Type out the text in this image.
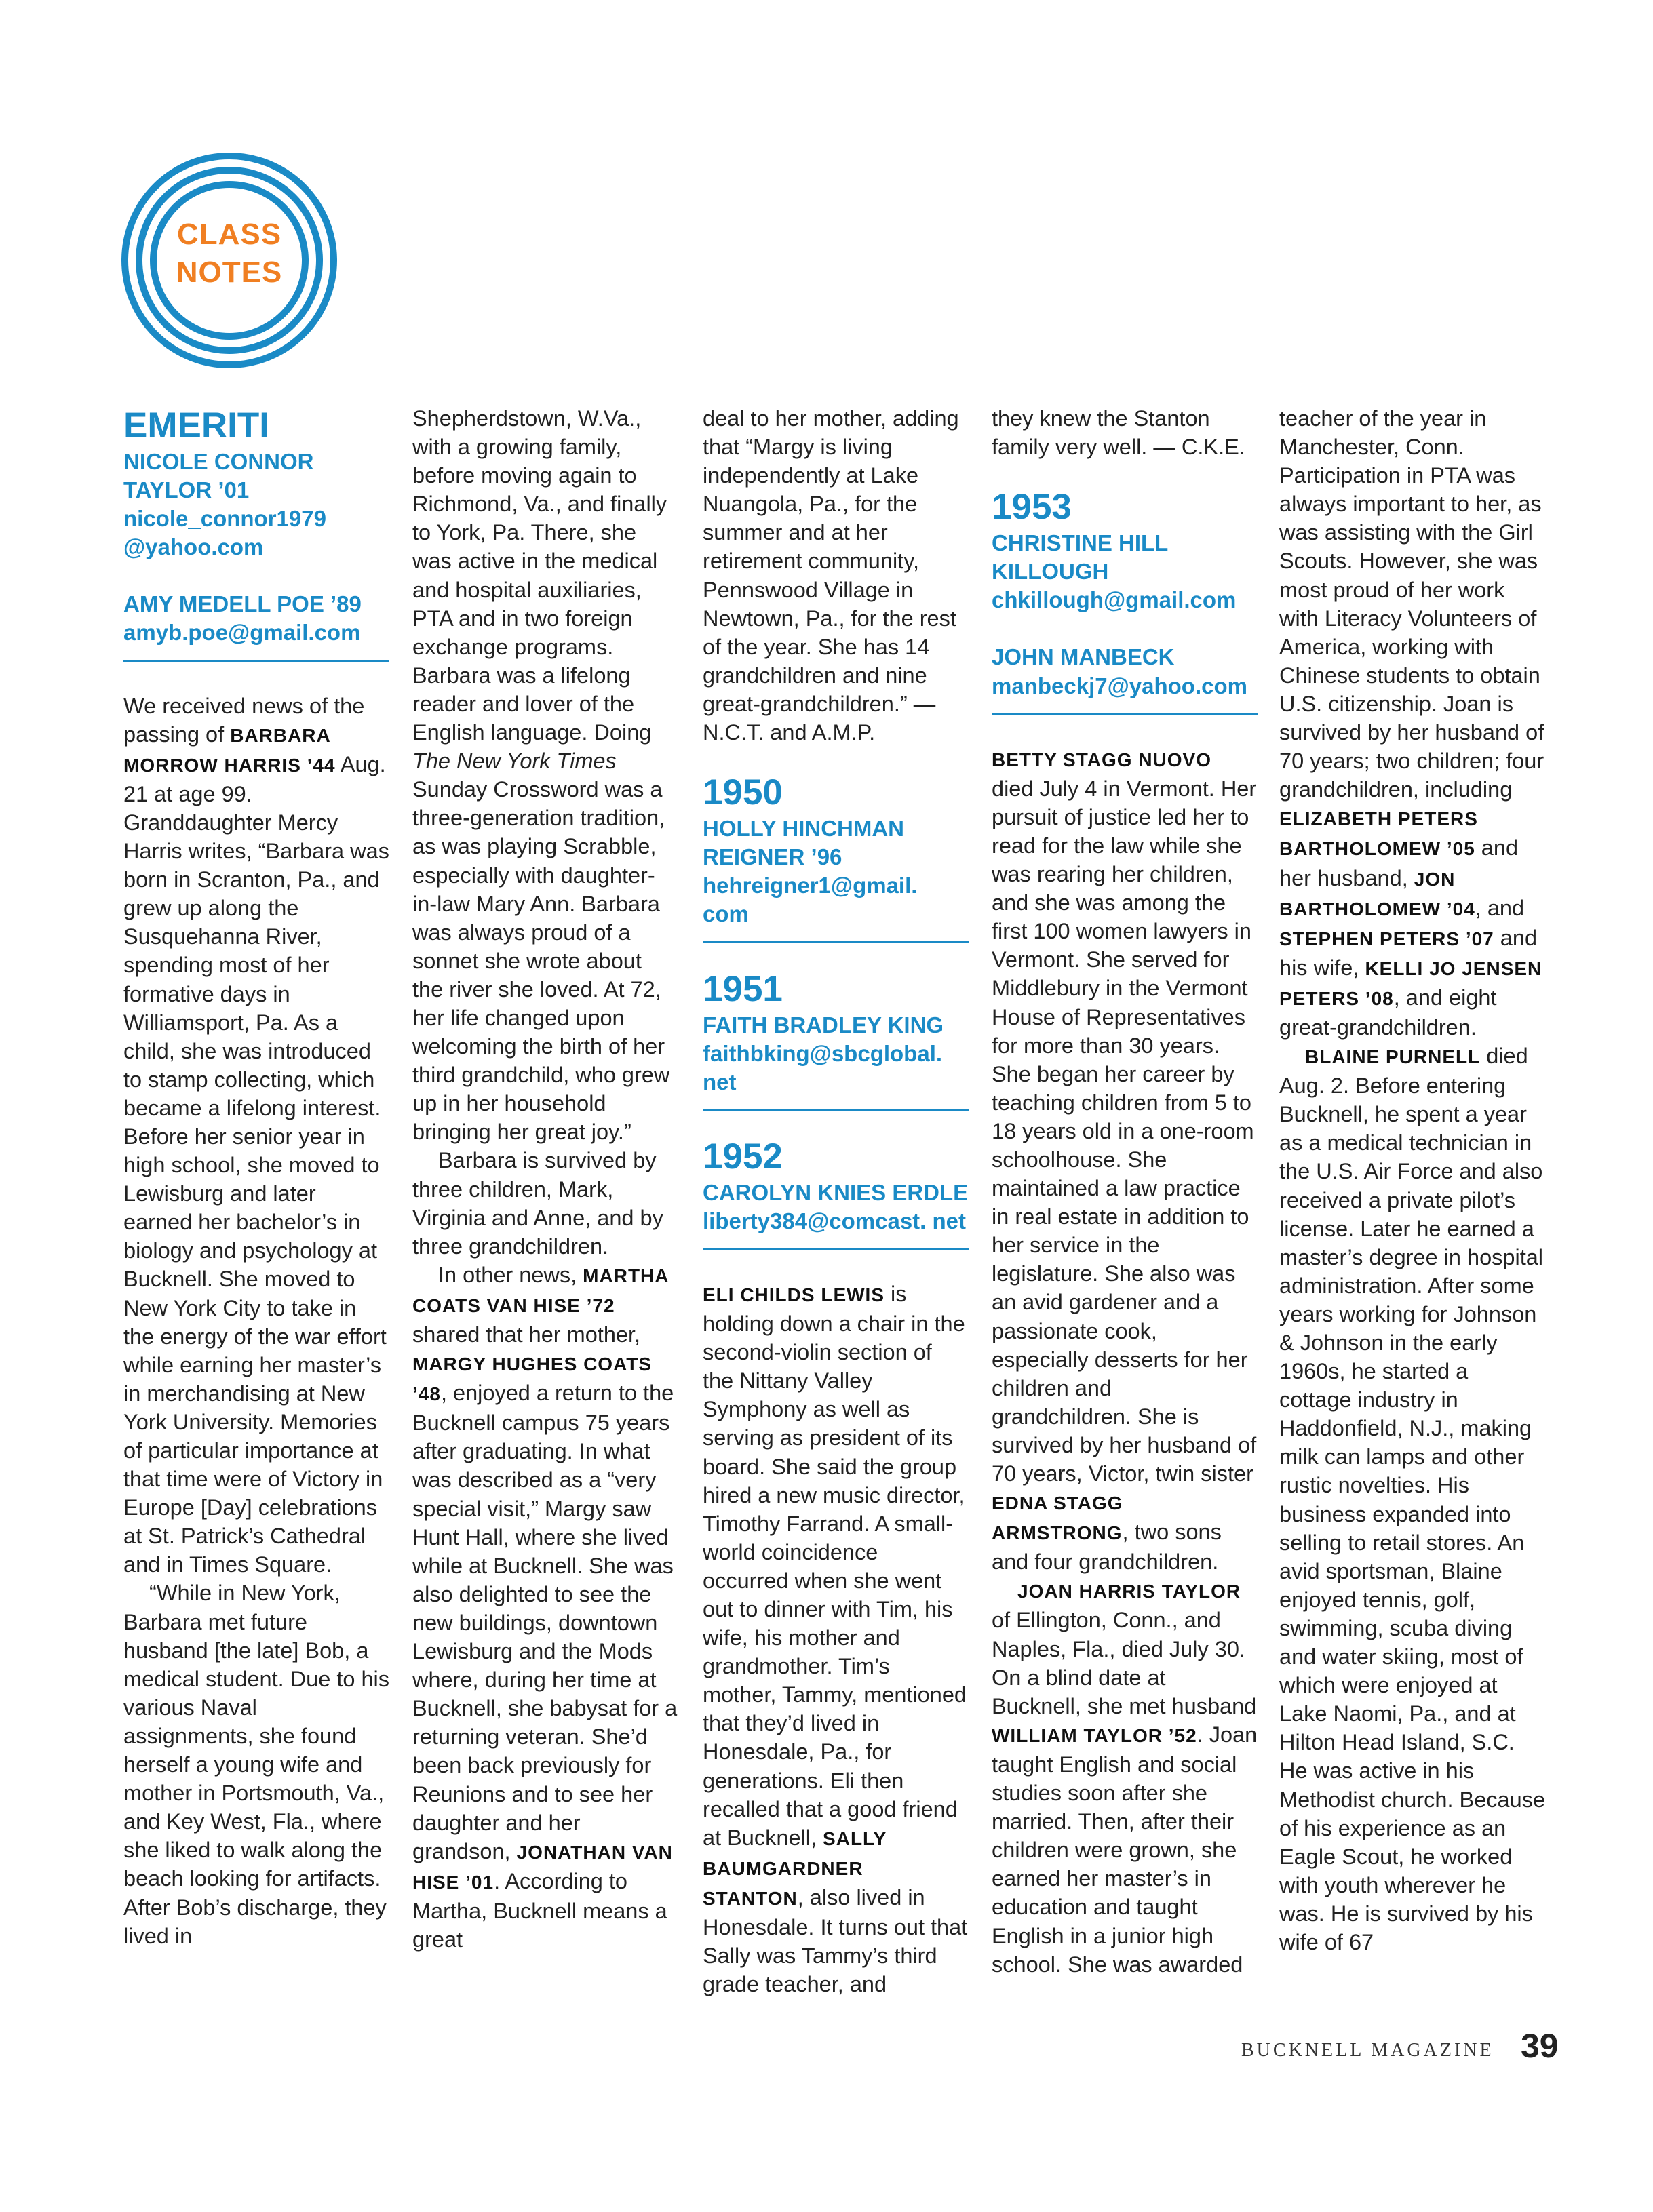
CLASS
NOTES
EMERITI
NICOLE CONNOR TAYLOR ’01
nicole_connor1979 @yahoo.com
AMY MEDELL POE ’89
amyb.poe@gmail.com

We received news of the passing of BARBARA MORROW HARRIS ’44 Aug. 21 at age 99. Granddaughter Mercy Harris writes, “Barbara was born in Scranton, Pa., and grew up along the Susquehanna River, spending most of her formative days in Williamsport, Pa. As a child, she was introduced to stamp collecting, which became a lifelong interest. Before her senior year in high school, she moved to Lewisburg and later earned her bachelor’s in biology and psychology at Bucknell. She moved to New York City to take in the energy of the war effort while earning her master’s in merchandising at New York University. Memories of particular importance at that time were of Victory in Europe [Day] celebrations at St. Patrick’s Cathedral and in Times Square.

“While in New York, Barbara met future husband [the late] Bob, a medical student. Due to his various Naval assignments, she found herself a young wife and mother in Portsmouth, Va., and Key West, Fla., where she liked to walk along the beach looking for artifacts. After Bob’s discharge, they lived in

Shepherdstown, W.Va., with a growing family, before moving again to Richmond, Va., and finally to York, Pa. There, she was active in the medical and hospital auxiliaries, PTA and in two foreign exchange programs. Barbara was a lifelong reader and lover of the English language. Doing The New York Times Sunday Crossword was a three-generation tradition, as was playing Scrabble, especially with daughter-in-law Mary Ann. Barbara was always proud of a sonnet she wrote about the river she loved. At 72, her life changed upon welcoming the birth of her third grandchild, who grew up in her household bringing her great joy.”

Barbara is survived by three children, Mark, Virginia and Anne, and by three grandchildren.

In other news, MARTHA COATS VAN HISE ’72 shared that her mother, MARGY HUGHES COATS ’48, enjoyed a return to the Bucknell campus 75 years after graduating. In what was described as a “very special visit,” Margy saw Hunt Hall, where she lived while at Bucknell. She was also delighted to see the new buildings, downtown Lewisburg and the Mods where, during her time at Bucknell, she babysat for a returning veteran. She’d been back previously for Reunions and to see her daughter and her grandson, JONATHAN VAN HISE ’01. According to Martha, Bucknell means a great

deal to her mother, adding that “Margy is living independently at Lake Nuangola, Pa., for the summer and at her retirement community, Pennswood Village in Newtown, Pa., for the rest of the year. She has 14 grandchildren and nine great-grandchildren.” — N.C.T. and A.M.P.

1950
HOLLY HINCHMAN REIGNER ’96
hehreigner1@gmail. com
1951
FAITH BRADLEY KING
faithbking@sbcglobal. net
1952
CAROLYN KNIES ERDLE
liberty384@comcast. net

ELI CHILDS LEWIS is holding down a chair in the second-violin section of the Nittany Valley Symphony as well as serving as president of its board. She said the group hired a new music director, Timothy Farrand. A small-world coincidence occurred when she went out to dinner with Tim, his wife, his mother and grandmother. Tim’s mother, Tammy, mentioned that they’d lived in Honesdale, Pa., for generations. Eli then recalled that a good friend at Bucknell, SALLY BAUMGARDNER STANTON, also lived in Honesdale. It turns out that Sally was Tammy’s third grade teacher, and

they knew the Stanton family very well. — C.K.E.

1953
CHRISTINE HILL KILLOUGH
chkillough@gmail.com
JOHN MANBECK
manbeckj7@yahoo.com

BETTY STAGG NUOVO died July 4 in Vermont. Her pursuit of justice led her to read for the law while she was rearing her children, and she was among the first 100 women lawyers in Vermont. She served for Middlebury in the Vermont House of Representatives for more than 30 years. She began her career by teaching children from 5 to 18 years old in a one-room schoolhouse. She maintained a law practice in real estate in addition to her service in the legislature. She also was an avid gardener and a passionate cook, especially desserts for her children and grandchildren. She is survived by her husband of 70 years, Victor, twin sister EDNA STAGG ARMSTRONG, two sons and four grandchildren.

JOAN HARRIS TAYLOR of Ellington, Conn., and Naples, Fla., died July 30. On a blind date at Bucknell, she met husband WILLIAM TAYLOR ’52. Joan taught English and social studies soon after she married. Then, after their children were grown, she earned her master’s in education and taught English in a junior high school. She was awarded

teacher of the year in Manchester, Conn. Participation in PTA was always important to her, as was assisting with the Girl Scouts. However, she was most proud of her work with Literacy Volunteers of America, working with Chinese students to obtain U.S. citizenship. Joan is survived by her husband of 70 years; two children; four grandchildren, including ELIZABETH PETERS BARTHOLOMEW ’05 and her husband, JON BARTHOLOMEW ’04, and STEPHEN PETERS ’07 and his wife, KELLI JO JENSEN PETERS ’08, and eight great-grandchildren.

BLAINE PURNELL died Aug. 2. Before entering Bucknell, he spent a year as a medical technician in the U.S. Air Force and also received a private pilot’s license. Later he earned a master’s degree in hospital administration. After some years working for Johnson & Johnson in the early 1960s, he started a cottage industry in Haddonfield, N.J., making milk can lamps and other rustic novelties. His business expanded into selling to retail stores. An avid sportsman, Blaine enjoyed tennis, golf, swimming, scuba diving and water skiing, most of which were enjoyed at Lake Naomi, Pa., and at Hilton Head Island, S.C. He was active in his Methodist church. Because of his experience as an Eagle Scout, he worked with youth wherever he was. He is survived by his wife of 67

BUCKNELL MAGAZINE 39
